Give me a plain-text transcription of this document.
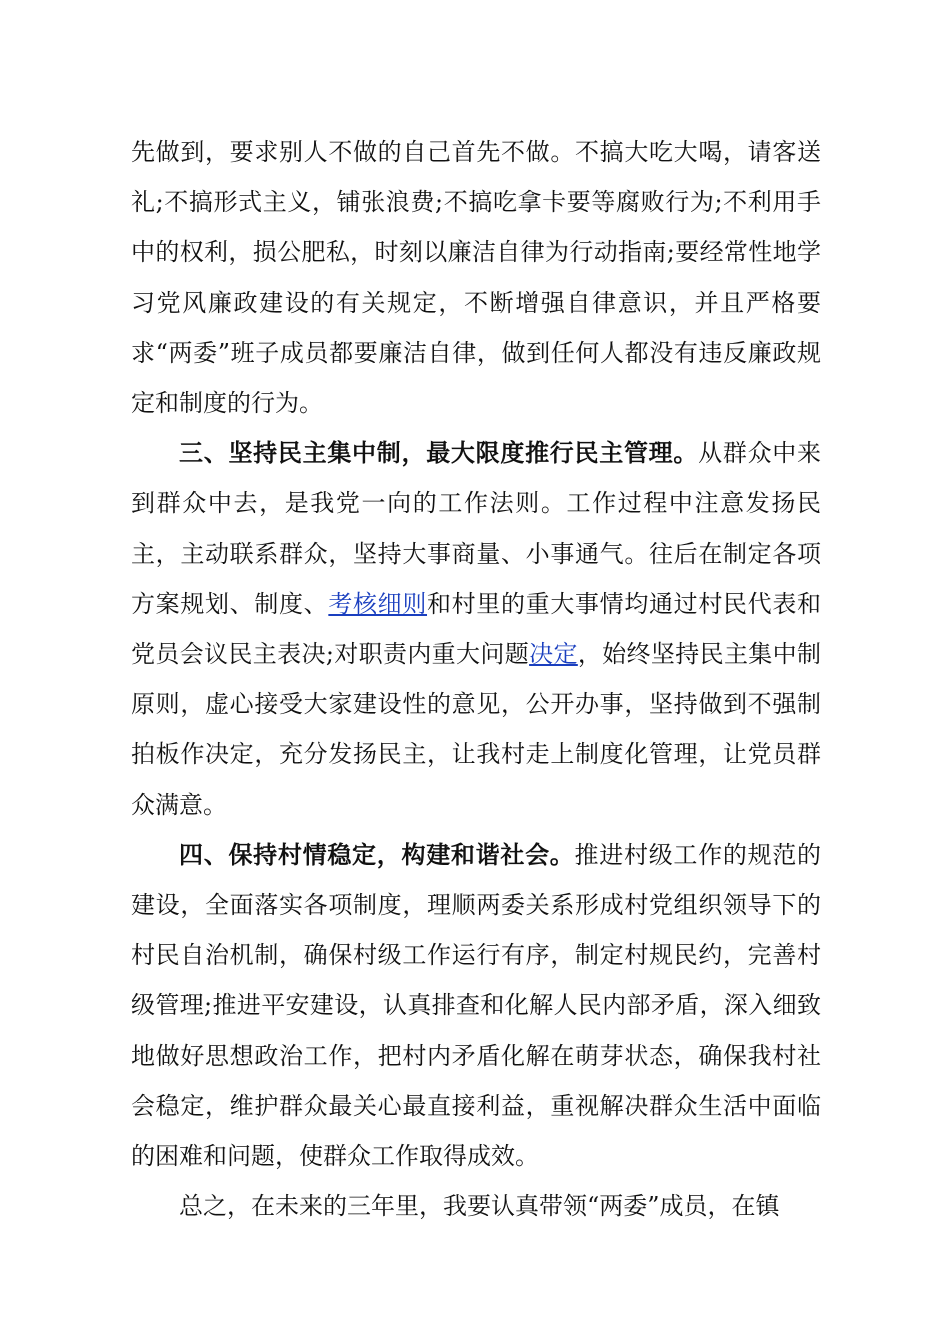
先做到，要求别人不做的自己首先不做。不搞大吃大喝，请客送礼;不搞形式主义，铺张浪费;不搞吃拿卡要等腐败行为;不利用手中的权利，损公肥私，时刻以廉洁自律为行动指南;要经常性地学习党风廉政建设的有关规定，不断增强自律意识，并且严格要求“两委”班子成员都要廉洁自律，做到任何人都没有违反廉政规定和制度的行为。

三、坚持民主集中制，最大限度推行民主管理。从群众中来到群众中去，是我党一向的工作法则。工作过程中注意发扬民主，主动联系群众，坚持大事商量、小事通气。往后在制定各项方案规划、制度、考核细则和村里的重大事情均通过村民代表和党员会议民主表决;对职责内重大问题决定，始终坚持民主集中制原则，虚心接受大家建设性的意见，公开办事，坚持做到不强制拍板作决定，充分发扬民主，让我村走上制度化管理，让党员群众满意。

四、保持村情稳定，构建和谐社会。推进村级工作的规范的建设，全面落实各项制度，理顺两委关系形成村党组织领导下的村民自治机制，确保村级工作运行有序，制定村规民约，完善村级管理;推进平安建设，认真排查和化解人民内部矛盾，深入细致地做好思想政治工作，把村内矛盾化解在萌芽状态，确保我村社会稳定，维护群众最关心最直接利益，重视解决群众生活中面临的困难和问题，使群众工作取得成效。

总之，在未来的三年里，我要认真带领“两委”成员，在镇
